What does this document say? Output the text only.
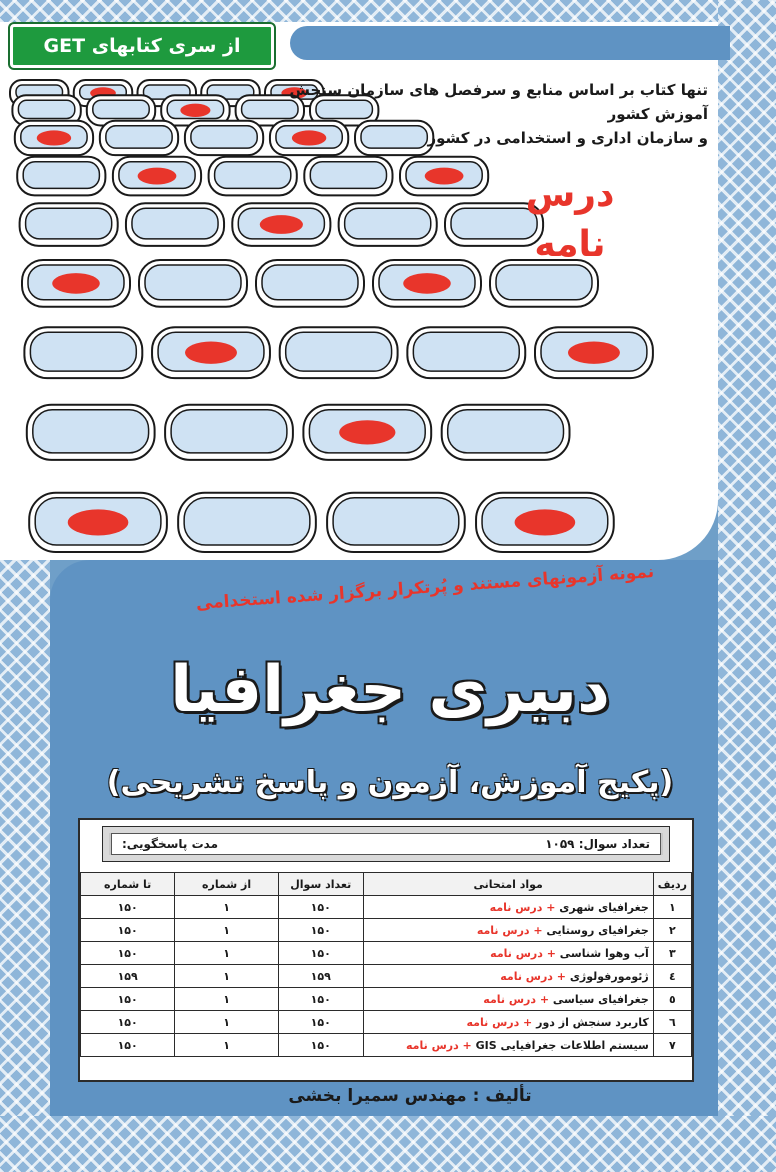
از سری کتابهای GET
تنها کتاب بر اساس منابع و سرفصل های سازمان سنجش آموزش کشور
و سازمان اداری و استخدامی در کشور
درس نامه
نمونه آزمونهای مستند و پُرتکرار برگزار شده استخدامی
دبیری جغرافیا
(پکیج آموزش، آزمون و پاسخ تشریحی)
تعداد سوال: ۱۰۵۹
مدت پاسخگویی:
ردیف	مواد امتحانی	تعداد سوال	از شماره	تا شماره
۱	جغرافیای شهری + درس نامه	۱۵۰	۱	۱۵۰
۲	جغرافیای روستایی + درس نامه	۱۵۰	۱	۱۵۰
۳	آب وهوا شناسی + درس نامه	۱۵۰	۱	۱۵۰
٤	ژئومورفولوژی + درس نامه	۱۵۹	۱	۱۵۹
٥	جغرافیای سیاسی + درس نامه	۱۵۰	۱	۱۵۰
٦	کاربرد سنجش از دور + درس نامه	۱۵۰	۱	۱۵۰
۷	سیستم اطلاعات جغرافیایی GIS + درس نامه	۱۵۰	۱	۱۵۰
تألیف : مهندس سمیرا بخشی
